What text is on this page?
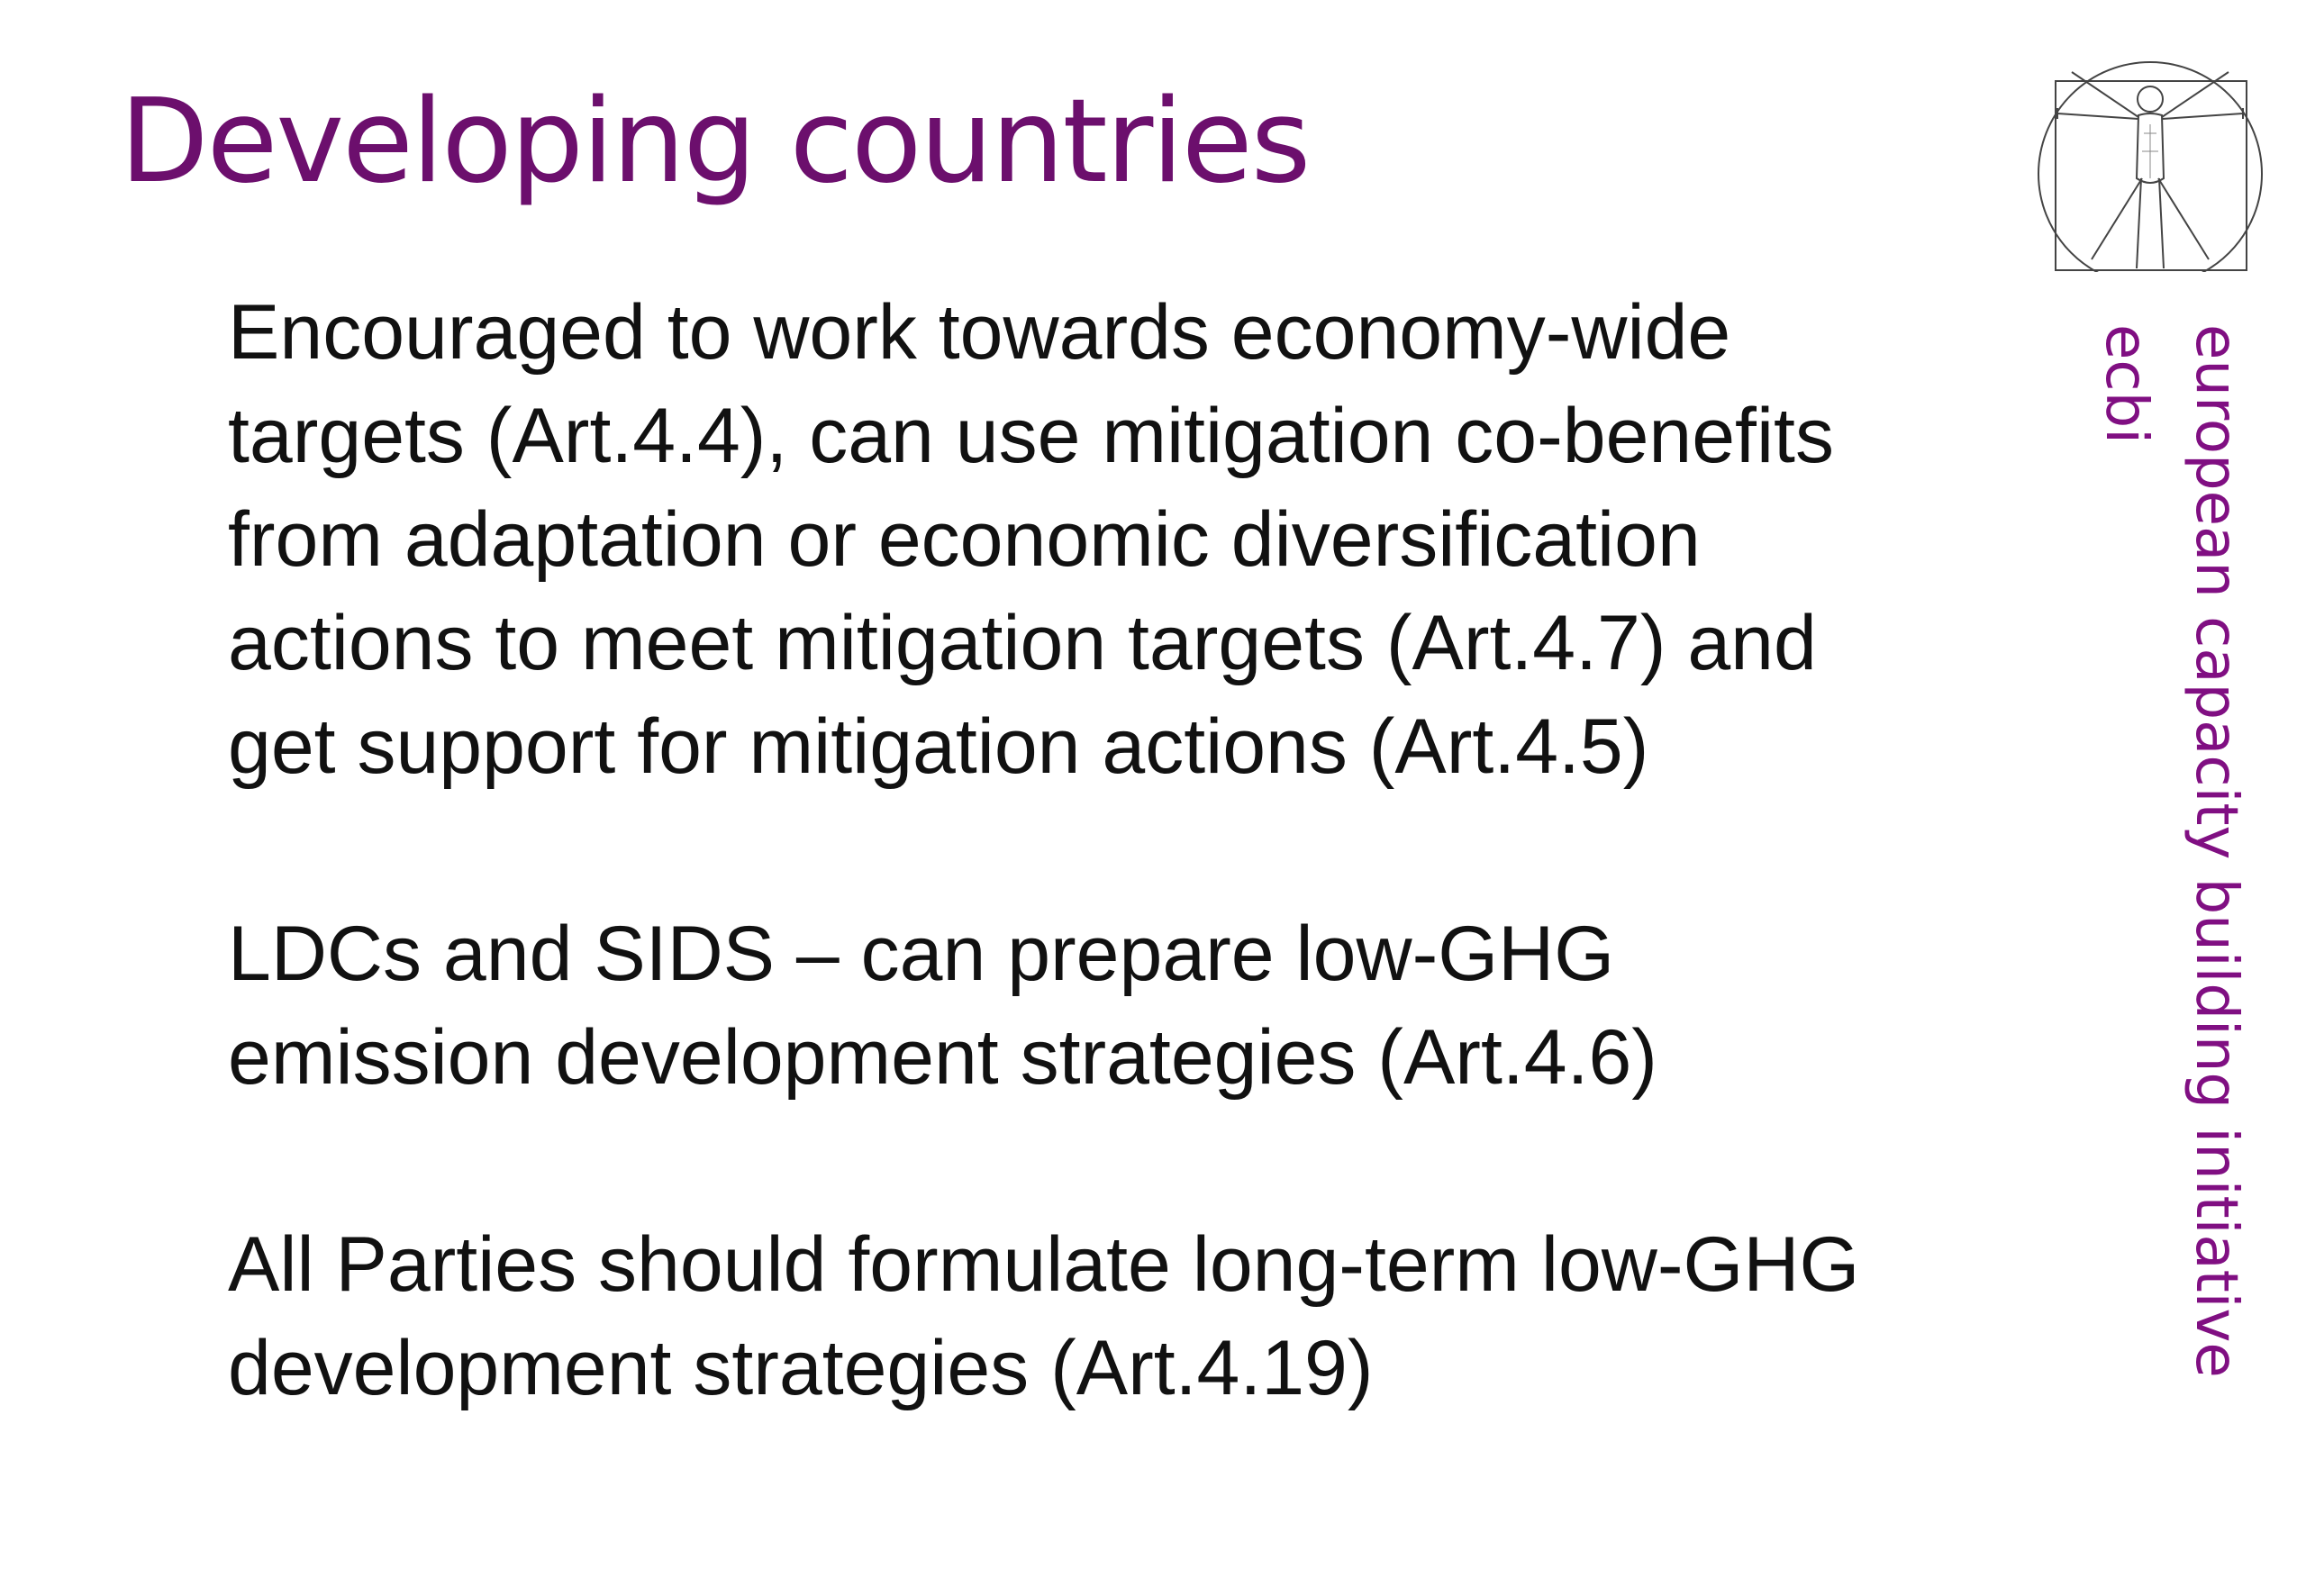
Developing countries

Encouraged to work towards economy-wide targets (Art.4.4), can use mitigation co-benefits from adaptation or economic diversification actions to meet mitigation targets (Art.4.7) and get support for mitigation actions (Art.4.5)

LDCs and SIDS – can prepare low-GHG emission development strategies (Art.4.6)

All Parties should formulate long-term low-GHG development strategies (Art.4.19)	european capacity building initiative
ecbi
